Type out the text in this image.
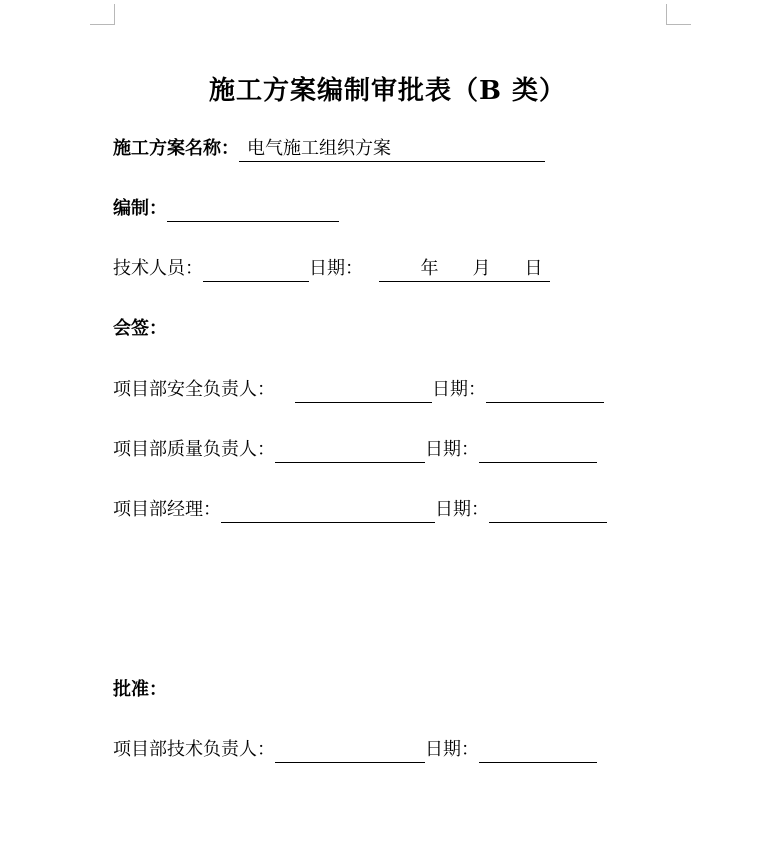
施工方案编制审批表（B 类）
施工方案名称： 电气施工组织方案
编制：
技术人员：	日期：	年 月 日
会签：
项目部安全负责人：	日期：
项目部质量负责人：	日期：
项目部经理：	日期：
批准：
项目部技术负责人：	日期：
